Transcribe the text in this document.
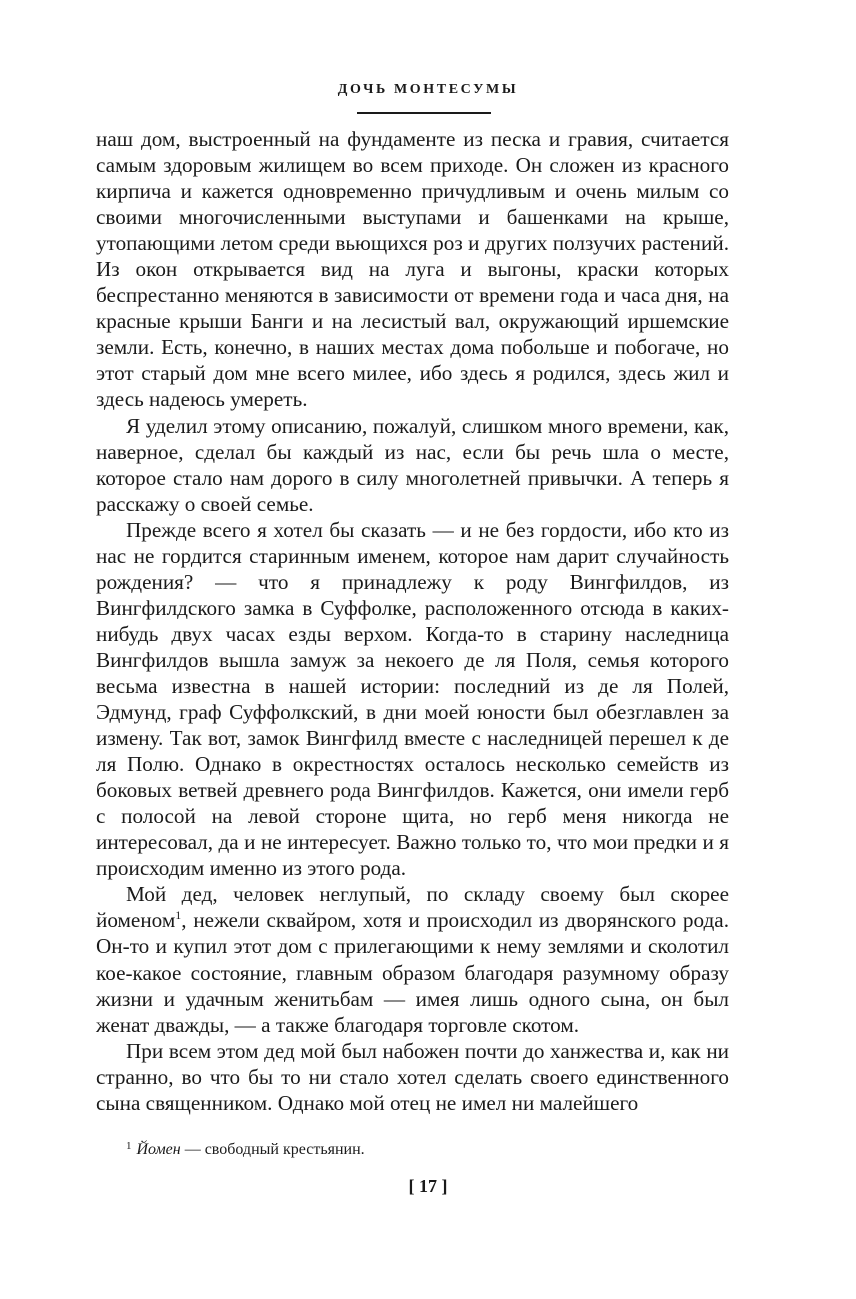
ДОЧЬ МОНТЕСУМЫ

наш дом, выстроенный на фундаменте из песка и гравия, считается самым здоровым жилищем во всем приходе. Он сложен из красного кирпича и кажется одновременно причудливым и очень милым со своими многочисленными выступами и башенками на крыше, утопающими летом среди вьющихся роз и других ползучих растений. Из окон открывается вид на луга и выгоны, краски которых беспрестанно меняются в зависимости от времени года и часа дня, на красные крыши Банги и на лесистый вал, окружающий иршемские земли. Есть, конечно, в наших местах дома побольше и побогаче, но этот старый дом мне всего милее, ибо здесь я родился, здесь жил и здесь надеюсь умереть.

Я уделил этому описанию, пожалуй, слишком много времени, как, наверное, сделал бы каждый из нас, если бы речь шла о месте, которое стало нам дорого в силу многолетней привычки. А теперь я расскажу о своей семье.

Прежде всего я хотел бы сказать — и не без гордости, ибо кто из нас не гордится старинным именем, которое нам дарит случайность рождения? — что я принадлежу к роду Вингфилдов, из Вингфилдского замка в Суффолке, расположенного отсюда в каких-нибудь двух часах езды верхом. Когда-то в старину наследница Вингфилдов вышла замуж за некоего де ля Поля, семья которого весьма известна в нашей истории: последний из де ля Полей, Эдмунд, граф Суффолкский, в дни моей юности был обезглавлен за измену. Так вот, замок Вингфилд вместе с наследницей перешел к де ля Полю. Однако в окрестностях осталось несколько семейств из боковых ветвей древнего рода Вингфилдов. Кажется, они имели герб с полосой на левой стороне щита, но герб меня никогда не интересовал, да и не интересует. Важно только то, что мои предки и я происходим именно из этого рода.

Мой дед, человек неглупый, по складу своему был скорее йоменом$^1$, нежели сквайром, хотя и происходил из дворянского рода. Он-то и купил этот дом с прилегающими к нему землями и сколотил кое-какое состояние, главным образом благодаря разумному образу жизни и удачным женитьбам — имея лишь одного сына, он был женат дважды, — а также благодаря торговле скотом.

При всем этом дед мой был набожен почти до ханжества и, как ни странно, во что бы то ни стало хотел сделать своего единственного сына священником. Однако мой отец не имел ни малейшего

$^1$ Йомен — свободный крестьянин.
[ 17 ]
